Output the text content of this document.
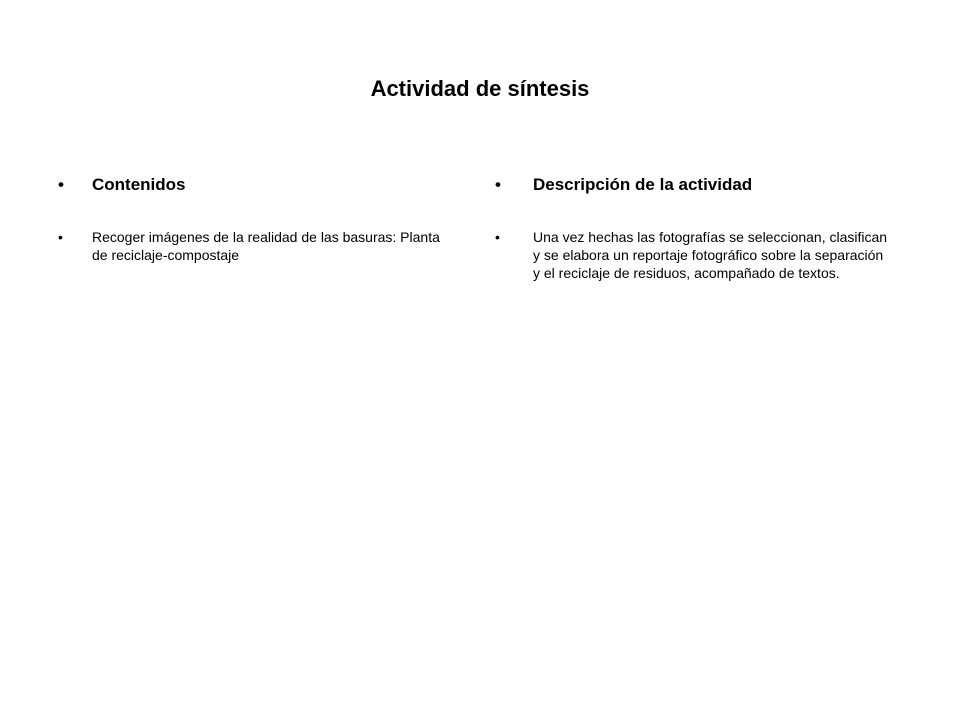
Actividad de síntesis
•	Contenidos
•	Recoger imágenes de la realidad de las basuras: Planta de reciclaje-compostaje
•	Descripción de la actividad
•	Una vez hechas las fotografías se seleccionan, clasifican y se elabora un reportaje fotográfico sobre la separación y el reciclaje de residuos, acompañado de textos.
